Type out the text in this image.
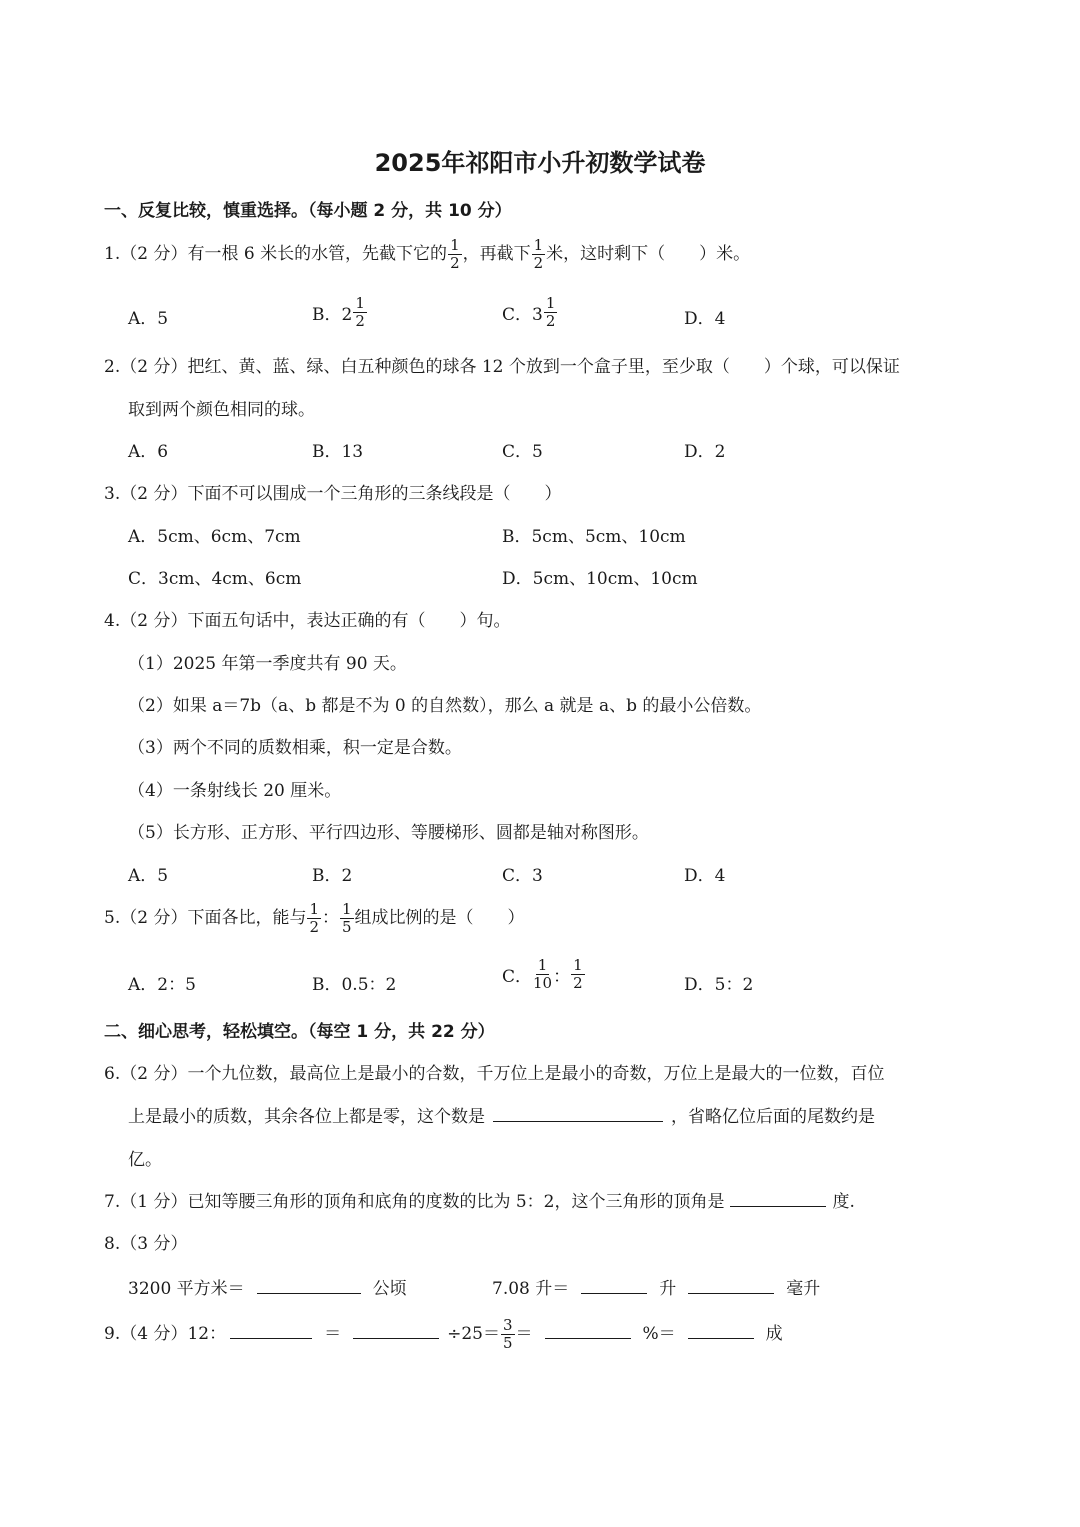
2025年祁阳市小升初数学试卷
一、反复比较，慎重选择。（每小题 2 分，共 10 分）
1.（2 分）有一根 6 米长的水管，先截下它的 $\frac{1}{2}$ ，再截下 $\frac{1}{2}$ 米，这时剩下（　　）米。
A．5	B．$2 \frac{1}{2}$	C．$3 \frac{1}{2}$	D．4
2.（2 分）把红、黄、蓝、绿、白五种颜色的球各 12 个放到一个盒子里，至少取（　　）个球，可以保证
取到两个颜色相同的球。
A．6	B．13	C．5	D．2
3.（2 分）下面不可以围成一个三角形的三条线段是（　　）
A．5cm、6cm、7cm	B．5cm、5cm、10cm
C．3cm、4cm、6cm	D．5cm、10cm、10cm
4.（2 分）下面五句话中，表达正确的有（　　）句。
（1）2025 年第一季度共有 90 天。
（2）如果 a＝7b（a、b 都是不为 0 的自然数），那么 a 就是 a、b 的最小公倍数。
（3）两个不同的质数相乘，积一定是合数。
（4）一条射线长 20 厘米。
（5）长方形、正方形、平行四边形、等腰梯形、圆都是轴对称图形。
A．5	B．2	C．3	D．4
5.（2 分）下面各比，能与 $\frac{1}{2}$ ： $\frac{1}{5}$ 组成比例的是（　　）
A．2：5	B．0.5：2	C． $\frac{1}{10}$ ： $\frac{1}{2}$	D．5：2
二、细心思考，轻松填空。（每空 1 分，共 22 分）
6.（2 分）一个九位数，最高位上是最小的合数，千万位上是最小的奇数，万位上是最大的一位数，百位
上是最小的质数，其余各位上都是零，这个数是	，省略亿位后面的尾数约是
亿。
7.（1 分）已知等腰三角形的顶角和底角的度数的比为 5：2，这个三角形的顶角是	度.
8.（3 分）
3200 平方米＝	公顷	7.08 升＝	升	毫升
9.（4 分）12：	＝	$\div 25= \frac{3}{5}$ ＝	%＝	成
